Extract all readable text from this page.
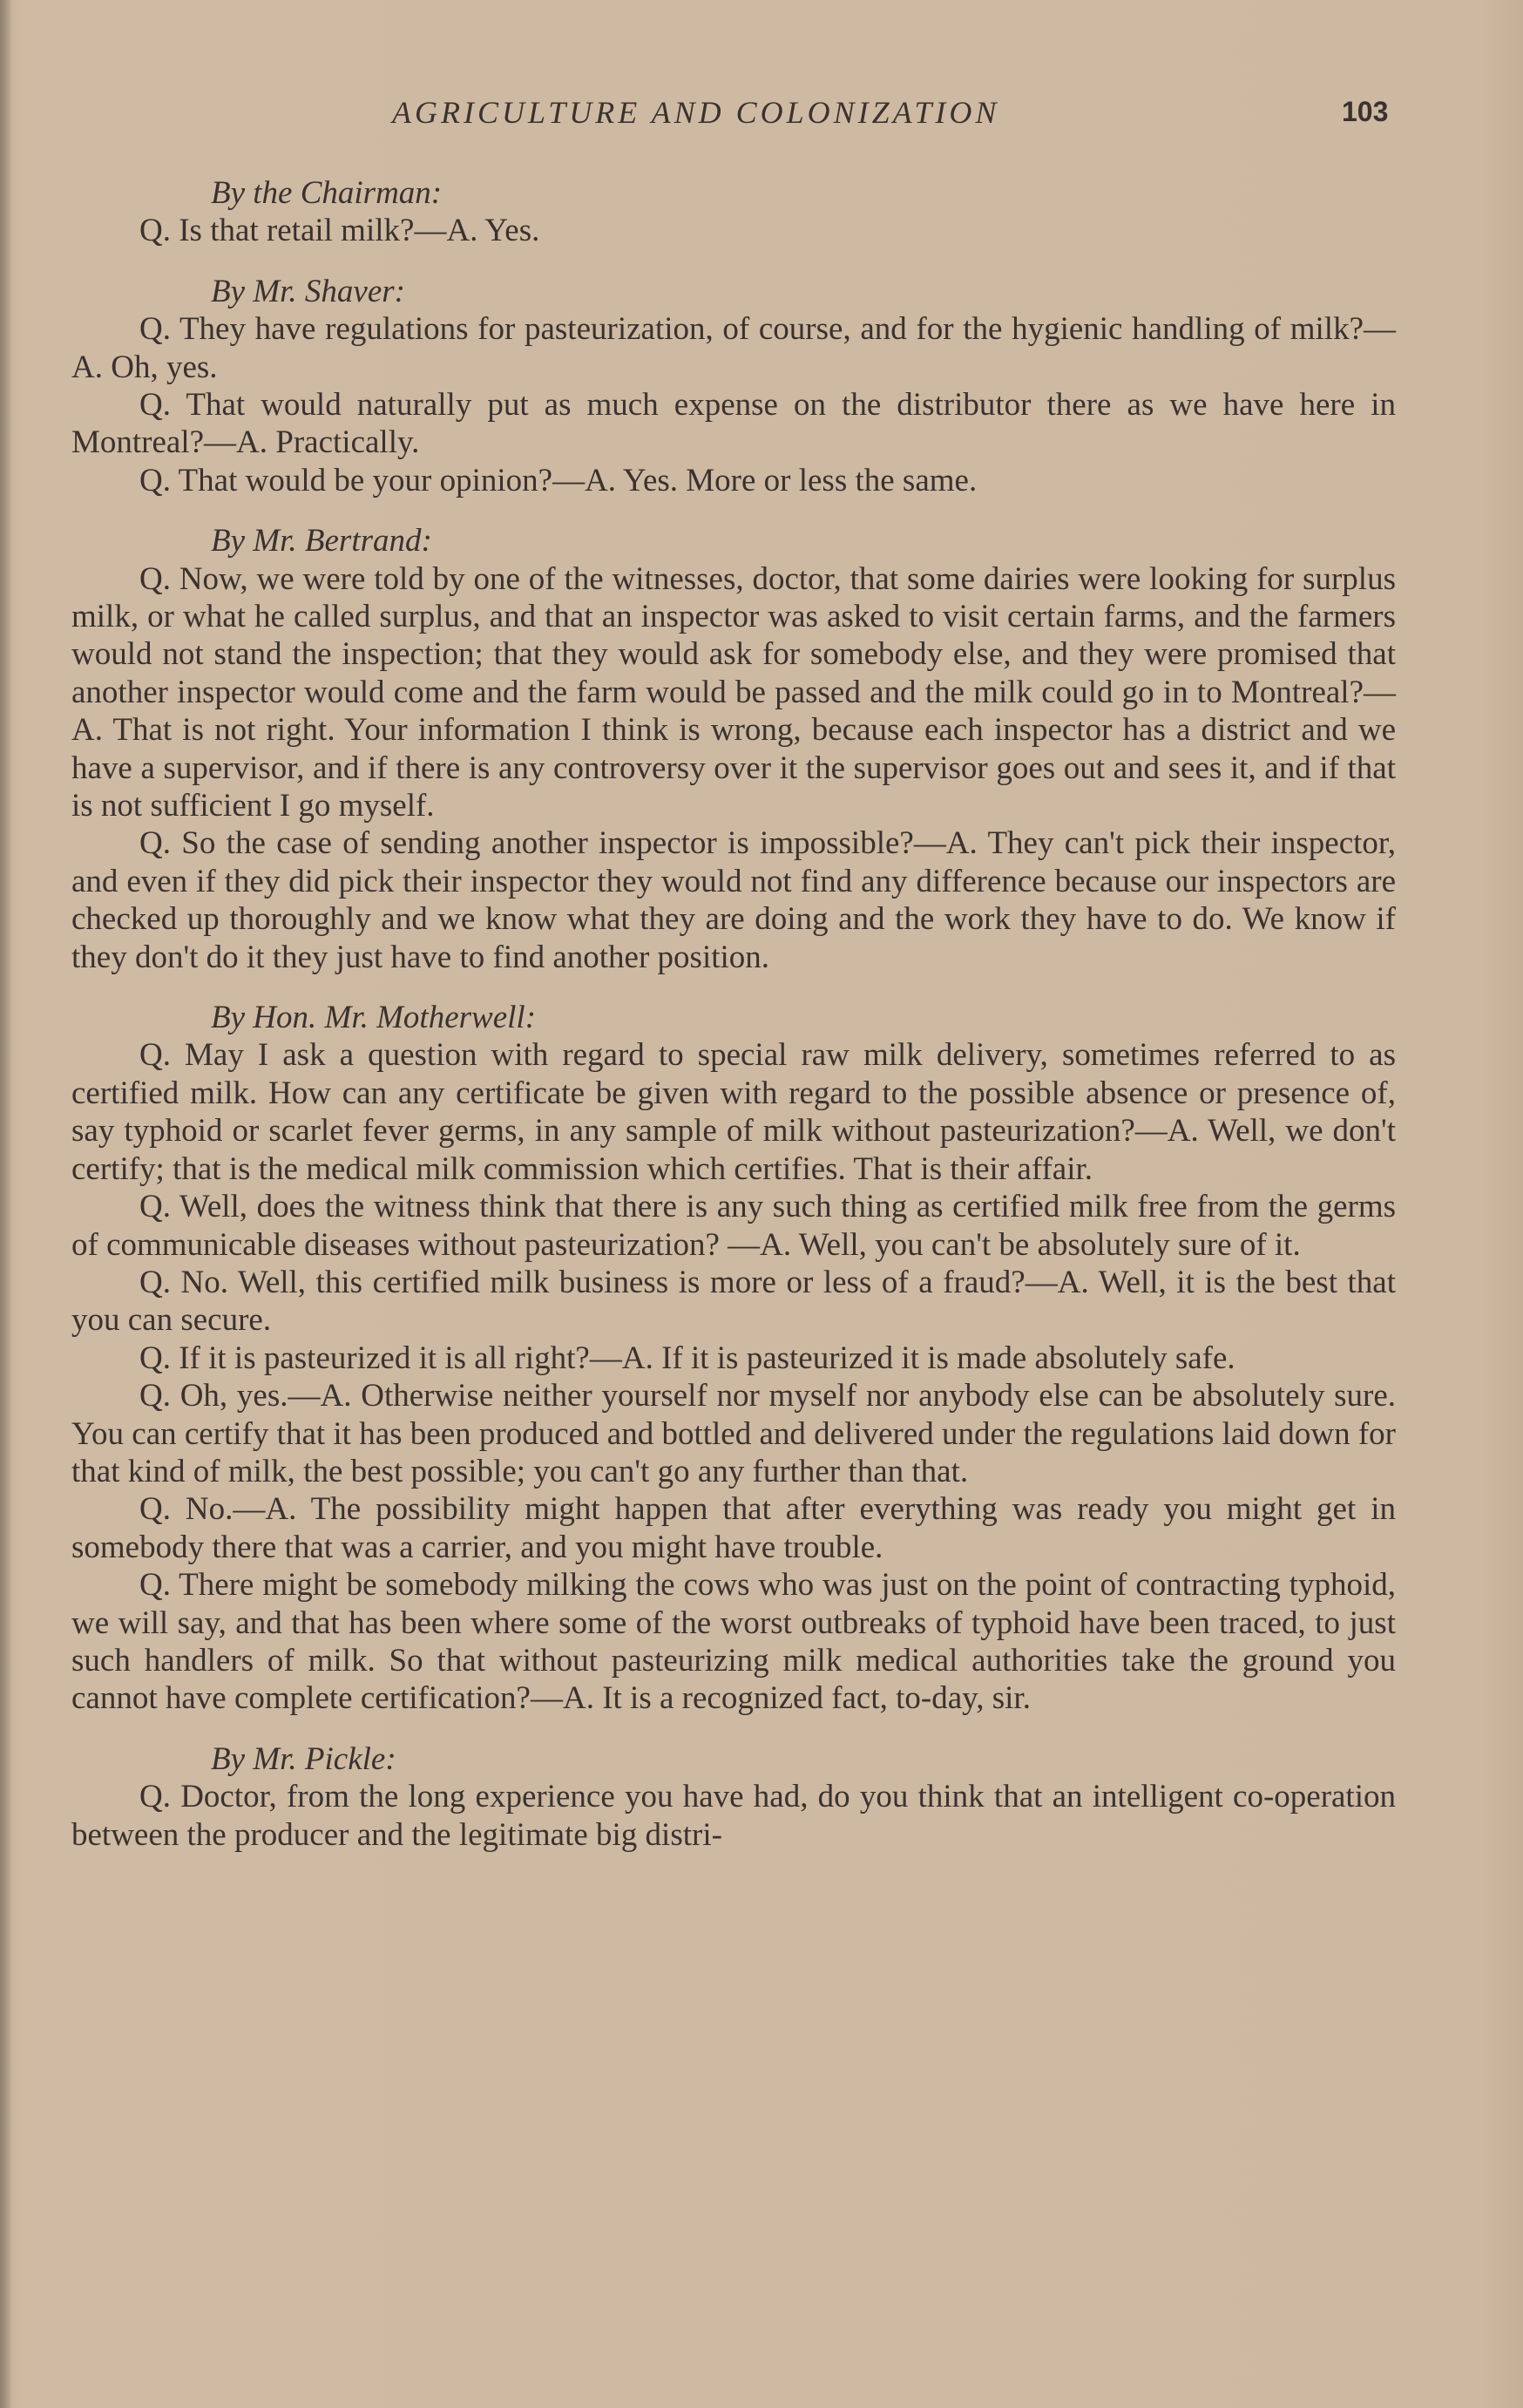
AGRICULTURE AND COLONIZATION	103
By the Chairman:

Q. Is that retail milk?—A. Yes.

By Mr. Shaver:

Q. They have regulations for pasteurization, of course, and for the hygienic handling of milk?—A. Oh, yes.

Q. That would naturally put as much expense on the distributor there as we have here in Montreal?—A. Practically.

Q. That would be your opinion?—A. Yes. More or less the same.

By Mr. Bertrand:

Q. Now, we were told by one of the witnesses, doctor, that some dairies were looking for surplus milk, or what he called surplus, and that an inspector was asked to visit certain farms, and the farmers would not stand the inspection; that they would ask for somebody else, and they were promised that another inspector would come and the farm would be passed and the milk could go in to Montreal?—A. That is not right. Your information I think is wrong, because each inspector has a district and we have a supervisor, and if there is any controversy over it the supervisor goes out and sees it, and if that is not sufficient I go myself.

Q. So the case of sending another inspector is impossible?—A. They can't pick their inspector, and even if they did pick their inspector they would not find any difference because our inspectors are checked up thoroughly and we know what they are doing and the work they have to do. We know if they don't do it they just have to find another position.

By Hon. Mr. Motherwell:

Q. May I ask a question with regard to special raw milk delivery, sometimes referred to as certified milk. How can any certificate be given with regard to the possible absence or presence of, say typhoid or scarlet fever germs, in any sample of milk without pasteurization?—A. Well, we don't certify; that is the medical milk commission which certifies. That is their affair.

Q. Well, does the witness think that there is any such thing as certified milk free from the germs of communicable diseases without pasteurization? —A. Well, you can't be absolutely sure of it.

Q. No. Well, this certified milk business is more or less of a fraud?—A. Well, it is the best that you can secure.

Q. If it is pasteurized it is all right?—A. If it is pasteurized it is made absolutely safe.

Q. Oh, yes.—A. Otherwise neither yourself nor myself nor anybody else can be absolutely sure. You can certify that it has been produced and bottled and delivered under the regulations laid down for that kind of milk, the best possible; you can't go any further than that.

Q. No.—A. The possibility might happen that after everything was ready you might get in somebody there that was a carrier, and you might have trouble.

Q. There might be somebody milking the cows who was just on the point of contracting typhoid, we will say, and that has been where some of the worst outbreaks of typhoid have been traced, to just such handlers of milk. So that without pasteurizing milk medical authorities take the ground you cannot have complete certification?—A. It is a recognized fact, to-day, sir.

By Mr. Pickle:

Q. Doctor, from the long experience you have had, do you think that an intelligent co-operation between the producer and the legitimate big distri-
